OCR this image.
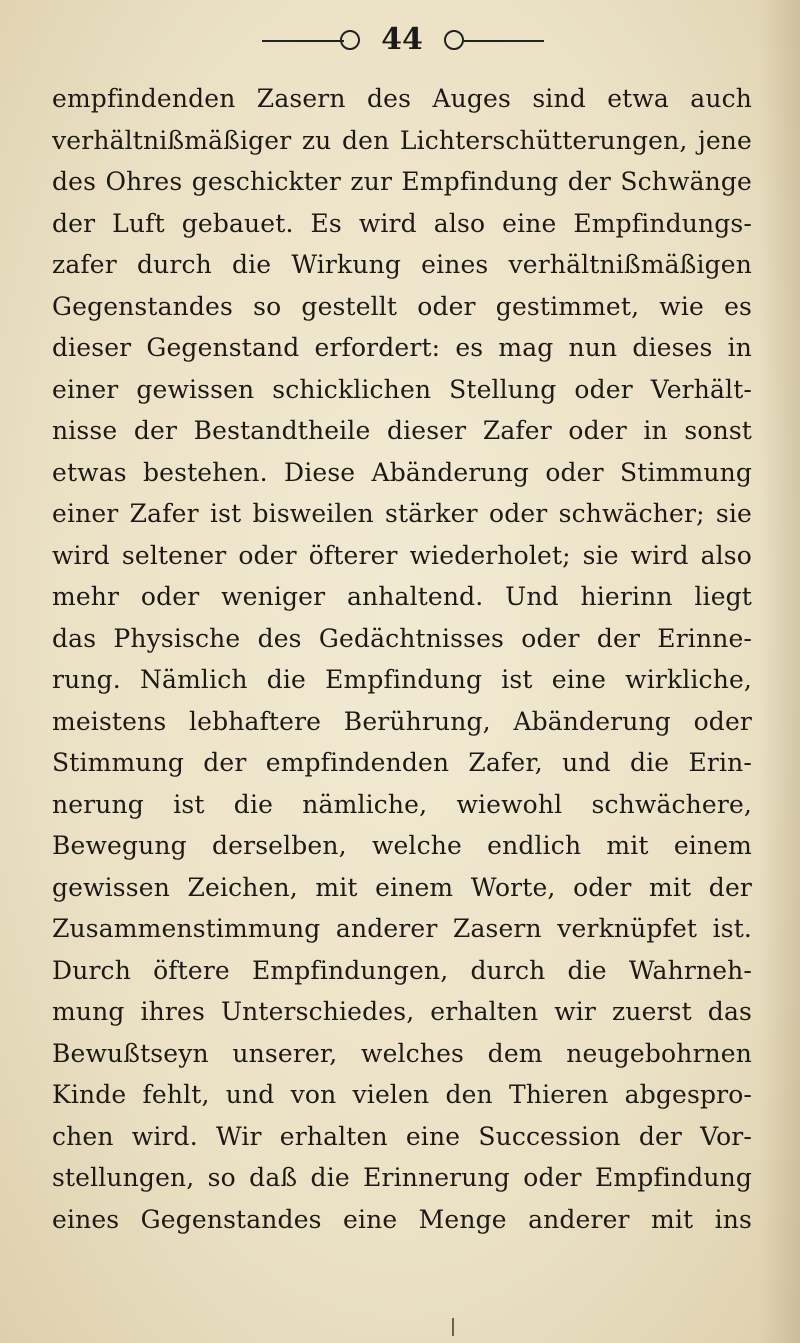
44
empfindenden Zasern des Auges sind etwa auch
verhältnißmäßiger zu den Lichterschütterungen, jene
des Ohres geschickter zur Empfindung der Schwänge
der Luft gebauet. Es wird also eine Empfindungs-
zafer durch die Wirkung eines verhältnißmäßigen
Gegenstandes so gestellt oder gestimmet, wie es
dieser Gegenstand erfordert: es mag nun dieses in
einer gewissen schicklichen Stellung oder Verhält-
nisse der Bestandtheile dieser Zafer oder in sonst
etwas bestehen. Diese Abänderung oder Stimmung
einer Zafer ist bisweilen stärker oder schwächer; sie
wird seltener oder öfterer wiederholet; sie wird also
mehr oder weniger anhaltend. Und hierinn liegt
das Physische des Gedächtnisses oder der Erinne-
rung. Nämlich die Empfindung ist eine wirkliche,
meistens lebhaftere Berührung, Abänderung oder
Stimmung der empfindenden Zafer, und die Erin-
nerung ist die nämliche, wiewohl schwächere,
Bewegung derselben, welche endlich mit einem
gewissen Zeichen, mit einem Worte, oder mit der
Zusammenstimmung anderer Zasern verknüpfet ist.
Durch öftere Empfindungen, durch die Wahrneh-
mung ihres Unterschiedes, erhalten wir zuerst das
Bewußtseyn unserer, welches dem neugebohrnen
Kinde fehlt, und von vielen den Thieren abgespro-
chen wird. Wir erhalten eine Succession der Vor-
stellungen, so daß die Erinnerung oder Empfindung
eines Gegenstandes eine Menge anderer mit ins
